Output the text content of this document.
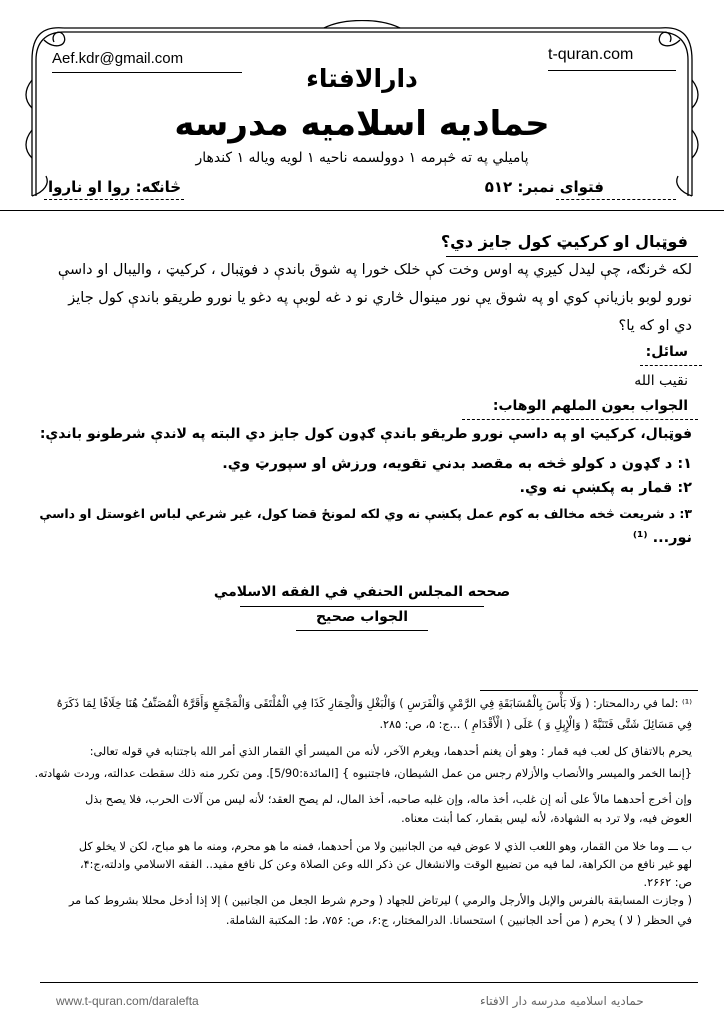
Aef.kdr@gmail.com	t-quran.com
دارالافتاء
حمادیه اسلامیه مدرسه
پامیلي په ته څېرمه ۱ دوولسمه ناحیه ۱ لویه ویاله ۱ کندهار
فتوای نمبر: ۵۱۲
څانګه: روا او ناروا
فوټبال او کرکیټ کول جایز دي؟
لکه څرنګه، چې لیدل کیږي په اوس وخت کې خلک خورا په شوق باندې د فوټبال ، کرکیټ ، والیبال او داسې
نورو لوبو بازیانې کوي او په شوق یې نور مینوال څاري نو د غه لوبې په دغو یا نورو طریقو باندې کول جایز
دي او که یا؟
سائل:
نقیب الله
الجواب بعون الملهم الوهاب:
فوټبال، کرکیټ او په داسې نورو طریقو باندې ګډون کول جایز دي البته په لاندې شرطونو باندې:
۱: د ګډون د کولو څخه به مقصد بدني تقویه، ورزش او سپورټ وي.
۲: قمار به پکښې نه وي.
۳: د شریعت څخه مخالف به کوم عمل پکښې نه وي لکه لمونځ قضا کول، غیر شرعي لباس اغوستل او داسې
نور... ⁽¹⁾
صححه المجلس الحنفي في الفقه الاسلامي
الجواب صحیح
⁽¹⁾ :لما في ردالمحتار: ( وَلَا بَأْسَ بِالْمُسَابَقَةِ فِي الرَّمْيِ وَالْفَرَسِ ) وَالْبَغْلِ وَالْحِمَارِ كَذَا فِي الْمُلْتَقَى وَالْمَجْمَعِ وَأَقَرَّهُ الْمُصَنِّفُ هُنَا خِلَافًا لِمَا ذَكَرَهُ
فِي مَسَائِلَ شَتَّى فَتَنَبَّهْ ( وَالْإِبِلِ وَ ) عَلَى ( الْأَقْدَامِ ) ...ج: ۵، ص: ۲۸۵.
يحرم بالاتفاق كل لعب فيه قمار : وهو أن يغنم أحدهما، ويغرم الآخر، لأنه من الميسر أي القمار الذي أمر الله باجتنابه في قوله تعالى:
{إنما الخمر والميسر والأنصاب والأزلام رجس من عمل الشيطان، فاجتنبوه } [المائدة:5/90]. ومن تكرر منه ذلك سقطت عدالته، وردت شهادته.
وإن أخرج أحدهما مالاً على أنه إن غلب، أخذ ماله، وإن غلبه صاحبه، أخذ المال، لم يصح العقد؛ لأنه ليس من آلات الحرب، فلا يصح بذل
العوض فيه، ولا ترد به الشهادة، لأنه ليس بقمار، كما أبنت معناه.
ب ـــ وما خلا من القمار، وهو اللعب الذي لا عوض فيه من الجانبين ولا من أحدهما، فمنه ما هو محرم، ومنه ما هو مباح، لكن لا يخلو كل
لهو غير نافع من الكراهة، لما فيه من تضييع الوقت والانشغال عن ذكر الله وعن الصلاة وعن كل نافع مفيد.. الفقه الاسلامي وادلته،ج:۴،
ص: ۲۶۶۲.
( وجازت المسابقة بالفرس والإبل والأرجل والرمي ) ليرتاض للجهاد ( وحرم شرط الجعل من الجانبين ) إلا إذا أدخل محللا بشروط كما مر
في الحظر ( لا ) يحرم ( من أحد الجانبين ) استحسانا. الدرالمختار، ج:۶، ص: ۷۵۶، ط: المكتبة الشاملة.
www.t-quran.com/daralefta	حمادیه اسلامیه مدرسه دار الافتاء
